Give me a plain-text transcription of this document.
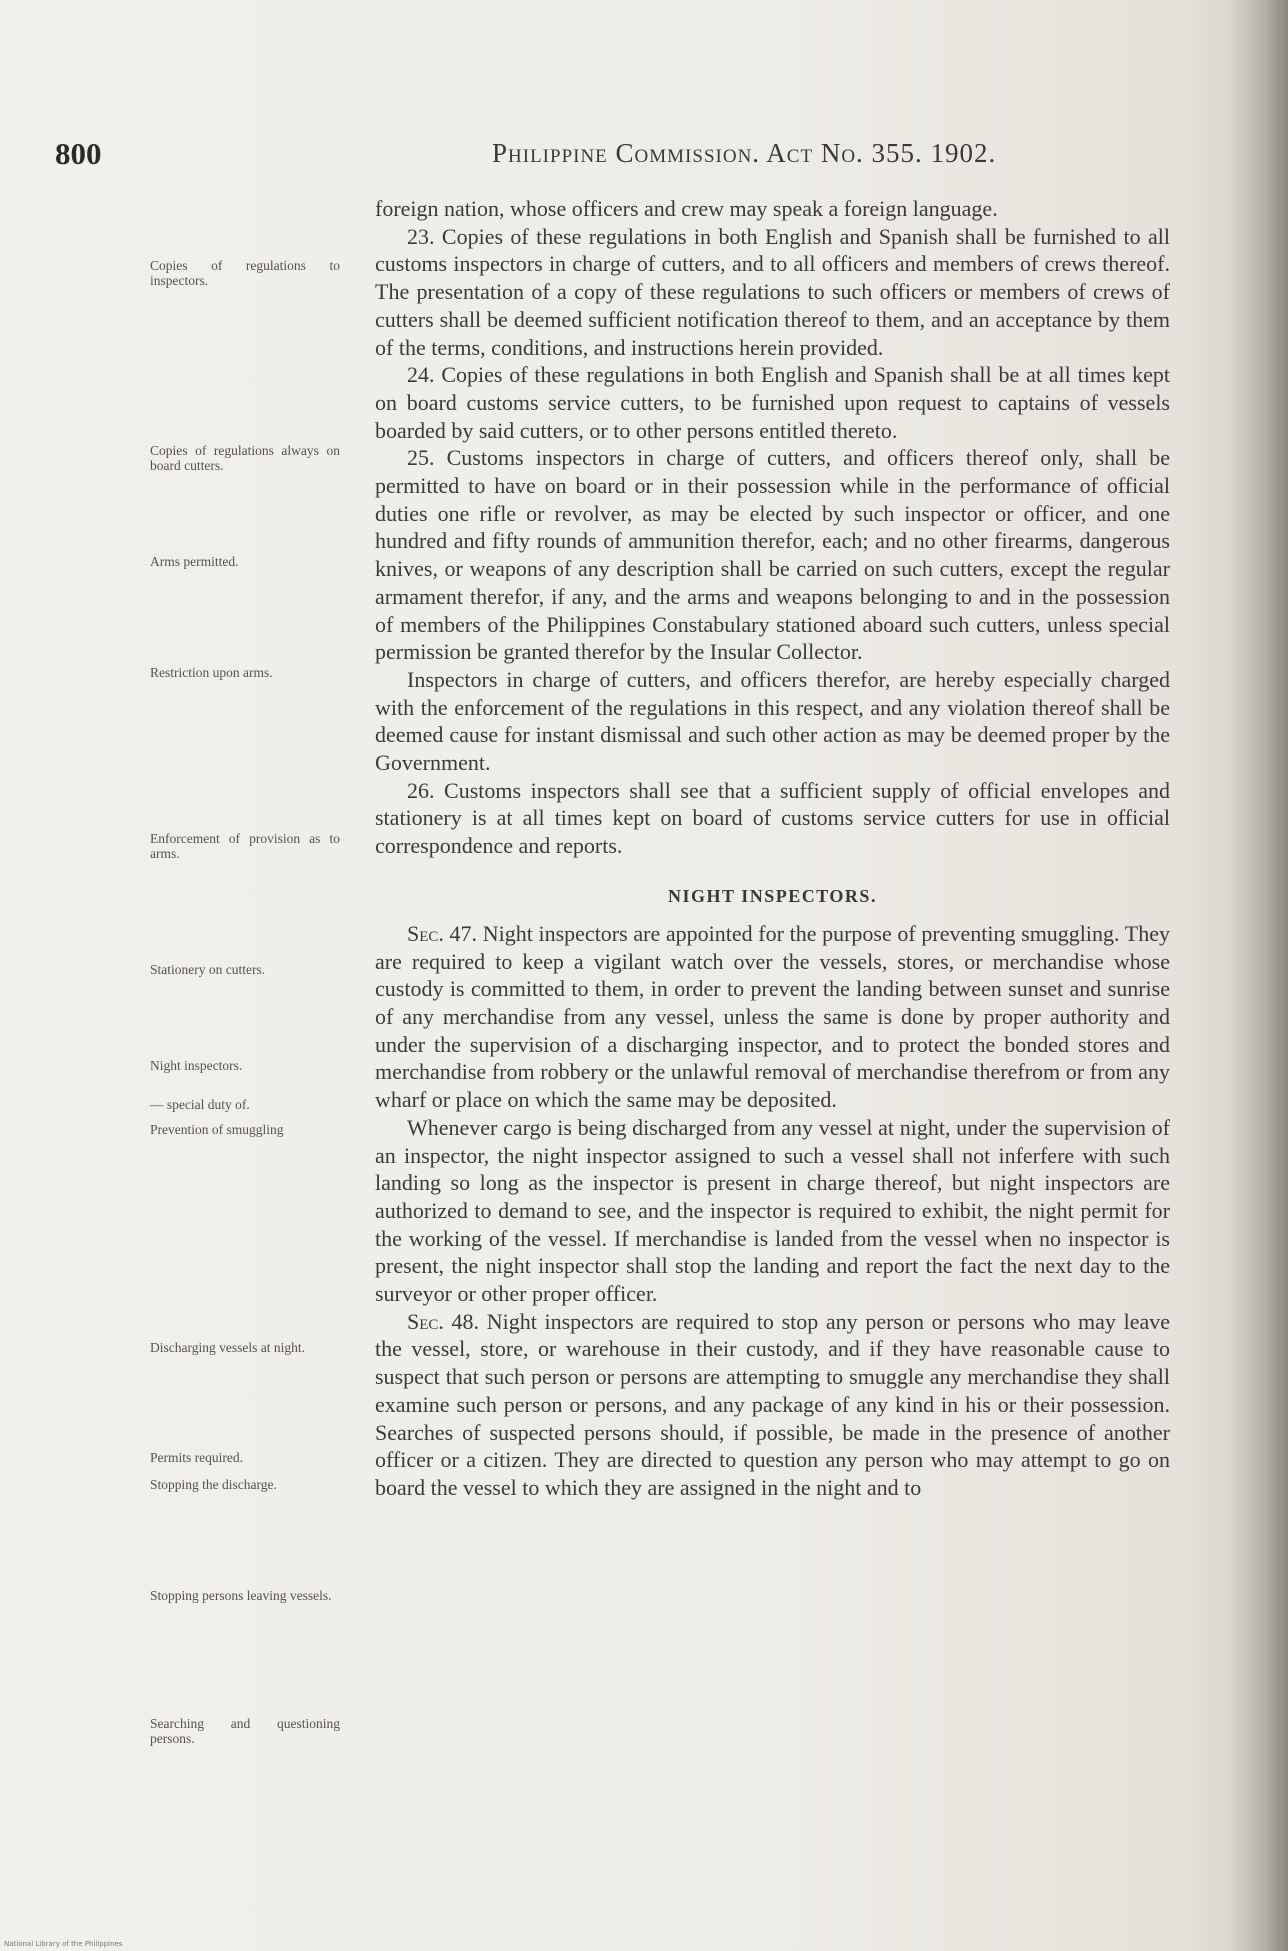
800	Philippine Commission. Act No. 355. 1902.

foreign nation, whose officers and crew may speak a foreign language.

23. Copies of these regulations in both English and Spanish shall be furnished to all customs inspectors in charge of cutters, and to all officers and members of crews thereof. The presentation of a copy of these regulations to such officers or members of crews of cutters shall be deemed sufficient notification thereof to them, and an acceptance by them of the terms, conditions, and instructions herein provided.

24. Copies of these regulations in both English and Spanish shall be at all times kept on board customs service cutters, to be furnished upon request to captains of vessels boarded by said cutters, or to other persons entitled thereto.

25. Customs inspectors in charge of cutters, and officers thereof only, shall be permitted to have on board or in their possession while in the performance of official duties one rifle or revolver, as may be elected by such inspector or officer, and one hundred and fifty rounds of ammunition therefor, each; and no other firearms, dangerous knives, or weapons of any description shall be carried on such cutters, except the regular armament therefor, if any, and the arms and weapons belonging to and in the possession of members of the Philippines Constabulary stationed aboard such cutters, unless special permission be granted therefor by the Insular Collector.

Inspectors in charge of cutters, and officers therefor, are hereby especially charged with the enforcement of the regulations in this respect, and any violation thereof shall be deemed cause for instant dismissal and such other action as may be deemed proper by the Government.

26. Customs inspectors shall see that a sufficient supply of official envelopes and stationery is at all times kept on board of customs service cutters for use in official correspondence and reports.

NIGHT INSPECTORS.

Sec. 47. Night inspectors are appointed for the purpose of preventing smuggling. They are required to keep a vigilant watch over the vessels, stores, or merchandise whose custody is committed to them, in order to prevent the landing between sunset and sunrise of any merchandise from any vessel, unless the same is done by proper authority and under the supervision of a discharging inspector, and to protect the bonded stores and merchandise from robbery or the unlawful removal of merchandise therefrom or from any wharf or place on which the same may be deposited.

Whenever cargo is being discharged from any vessel at night, under the supervision of an inspector, the night inspector assigned to such a vessel shall not inferfere with such landing so long as the inspector is present in charge thereof, but night inspectors are authorized to demand to see, and the inspector is required to exhibit, the night permit for the working of the vessel. If merchandise is landed from the vessel when no inspector is present, the night inspector shall stop the landing and report the fact the next day to the surveyor or other proper officer.

Sec. 48. Night inspectors are required to stop any person or persons who may leave the vessel, store, or warehouse in their custody, and if they have reasonable cause to suspect that such person or persons are attempting to smuggle any merchandise they shall examine such person or persons, and any package of any kind in his or their possession. Searches of suspected persons should, if possible, be made in the presence of another officer or a citizen. They are directed to question any person who may attempt to go on board the vessel to which they are assigned in the night and to

Copies of regulations to inspectors.
Copies of regulations always on board cutters.
Arms permitted.
Restriction upon arms.
Enforcement of provision as to arms.
Stationery on cutters.
Night inspectors.
— special duty of.
Prevention of smuggling
Discharging vessels at night.
Permits required.
Stopping the discharge.
Stopping persons leaving vessels.
Searching and questioning persons.
National Library of the Philippines
